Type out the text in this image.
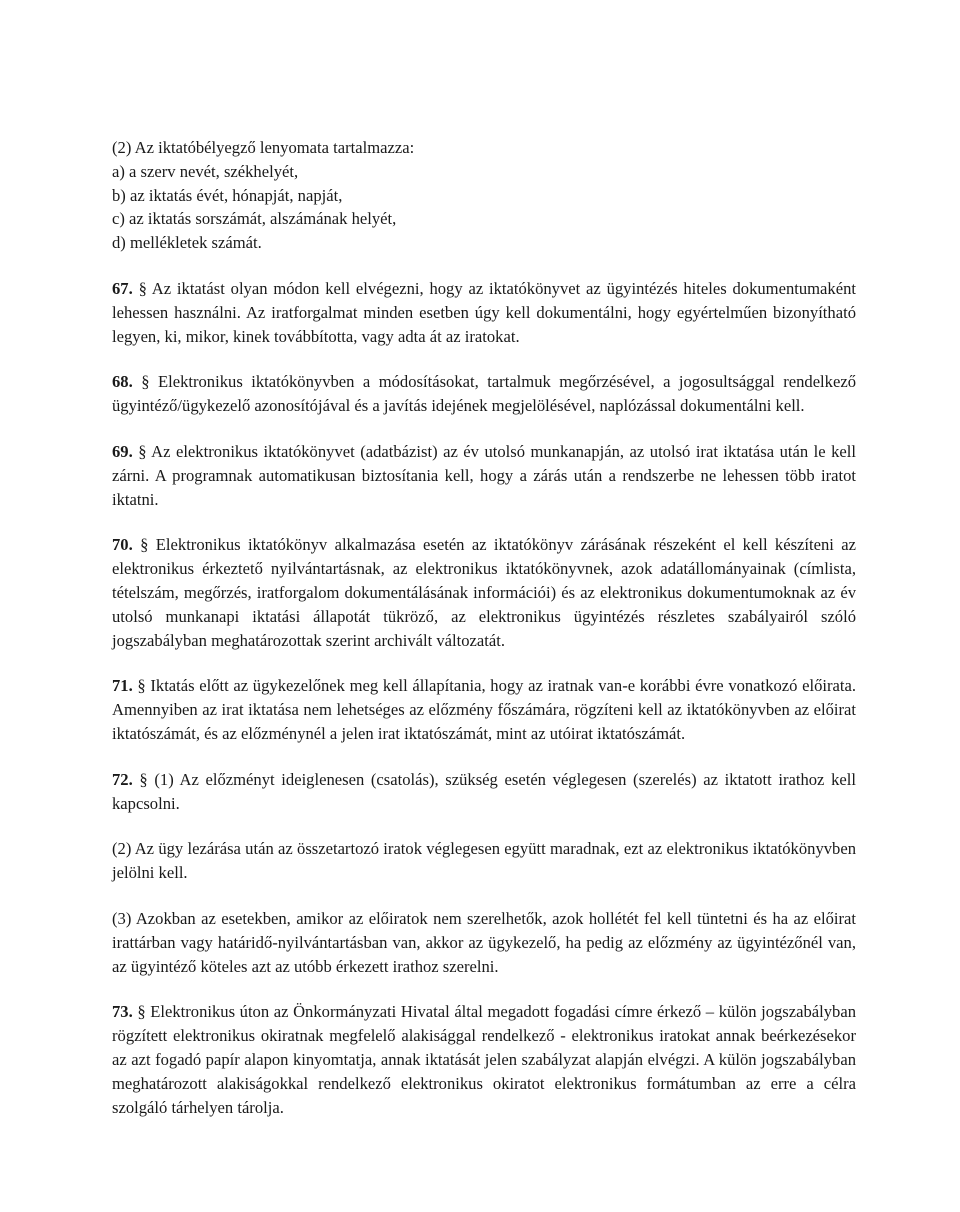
(2) Az iktatóbélyegző lenyomata tartalmazza:
a) a szerv nevét, székhelyét,
b) az iktatás évét, hónapját, napját,
c) az iktatás sorszámát, alszámának helyét,
d) mellékletek számát.

67. § Az iktatást olyan módon kell elvégezni, hogy az iktatókönyvet az ügyintézés hiteles dokumentumaként lehessen használni. Az iratforgalmat minden esetben úgy kell dokumentálni, hogy egyértelműen bizonyítható legyen, ki, mikor, kinek továbbította, vagy adta át az iratokat.

68. § Elektronikus iktatókönyvben a módosításokat, tartalmuk megőrzésével, a jogosultsággal rendelkező ügyintéző/ügykezelő azonosítójával és a javítás idejének megjelölésével, naplózással dokumentálni kell.

69. § Az elektronikus iktatókönyvet (adatbázist) az év utolsó munkanapján, az utolsó irat iktatása után le kell zárni. A programnak automatikusan biztosítania kell, hogy a zárás után a rendszerbe ne lehessen több iratot iktatni.

70. § Elektronikus iktatókönyv alkalmazása esetén az iktatókönyv zárásának részeként el kell készíteni az elektronikus érkeztető nyilvántartásnak, az elektronikus iktatókönyvnek, azok adatállományainak (címlista, tételszám, megőrzés, iratforgalom dokumentálásának információi) és az elektronikus dokumentumoknak az év utolsó munkanapi iktatási állapotát tükröző, az elektronikus ügyintézés részletes szabályairól szóló jogszabályban meghatározottak szerint archivált változatát.

71. § Iktatás előtt az ügykezelőnek meg kell állapítania, hogy az iratnak van-e korábbi évre vonatkozó előirata. Amennyiben az irat iktatása nem lehetséges az előzmény főszámára, rögzíteni kell az iktatókönyvben az előirat iktatószámát, és az előzménynél a jelen irat iktatószámát, mint az utóirat iktatószámát.

72. § (1) Az előzményt ideiglenesen (csatolás), szükség esetén véglegesen (szerelés) az iktatott irathoz kell kapcsolni.

(2) Az ügy lezárása után az összetartozó iratok véglegesen együtt maradnak, ezt az elektronikus iktatókönyvben jelölni kell.

(3) Azokban az esetekben, amikor az előiratok nem szerelhetők, azok hollétét fel kell tüntetni és ha az előirat irattárban vagy határidő-nyilvántartásban van, akkor az ügykezelő, ha pedig az előzmény az ügyintézőnél van, az ügyintéző köteles azt az utóbb érkezett irathoz szerelni.

73. § Elektronikus úton az Önkormányzati Hivatal által megadott fogadási címre érkező – külön jogszabályban rögzített elektronikus okiratnak megfelelő alakisággal rendelkező - elektronikus iratokat annak beérkezésekor az azt fogadó papír alapon kinyomtatja, annak iktatását jelen szabályzat alapján elvégzi. A külön jogszabályban meghatározott alakiságokkal rendelkező elektronikus okiratot elektronikus formátumban az erre a célra szolgáló tárhelyen tárolja.
